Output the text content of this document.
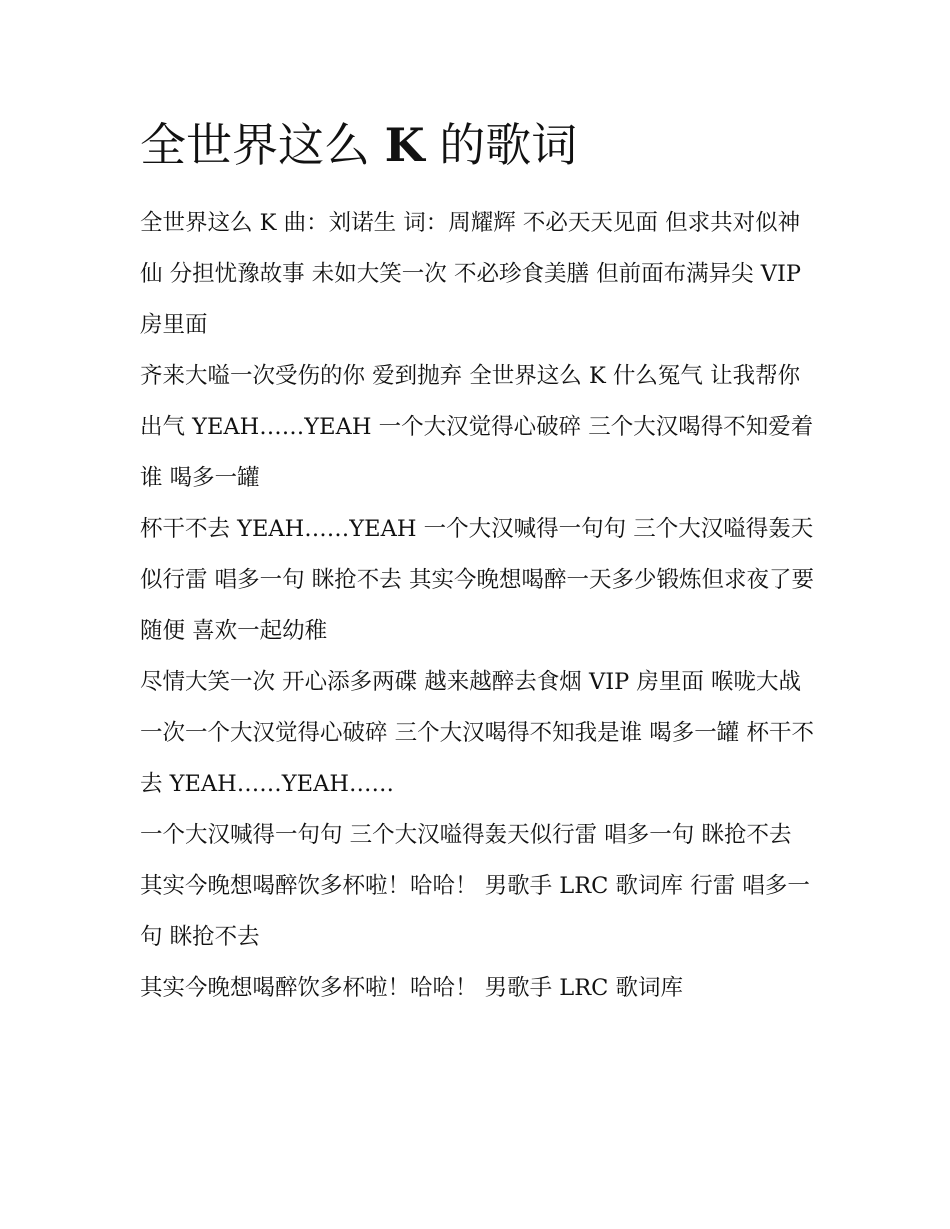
全世界这么 K 的歌词

全世界这么 K 曲：刘诺生 词：周耀辉 不必天天见面 但求共对似神仙 分担忧豫故事 未如大笑一次 不必珍食美膳 但前面布满异尖 VIP 房里面

齐来大嗌一次受伤的你 爱到抛弃 全世界这么 K 什么冤气 让我帮你出气 YEAH……YEAH 一个大汉觉得心破碎 三个大汉喝得不知爱着谁 喝多一罐

杯干不去 YEAH……YEAH 一个大汉喊得一句句 三个大汉嗌得轰天似行雷 唱多一句 眯抢不去 其实今晚想喝醉一天多少锻炼但求夜了要随便 喜欢一起幼稚

尽情大笑一次 开心添多两碟 越来越醉去食烟 VIP 房里面 喉咙大战一次一个大汉觉得心破碎 三个大汉喝得不知我是谁 喝多一罐 杯干不去 YEAH……YEAH……

一个大汉喊得一句句 三个大汉嗌得轰天似行雷 唱多一句 眯抢不去 其实今晚想喝醉饮多杯啦！哈哈！ 男歌手 LRC 歌词库 行雷 唱多一句 眯抢不去

其实今晚想喝醉饮多杯啦！哈哈！ 男歌手 LRC 歌词库
